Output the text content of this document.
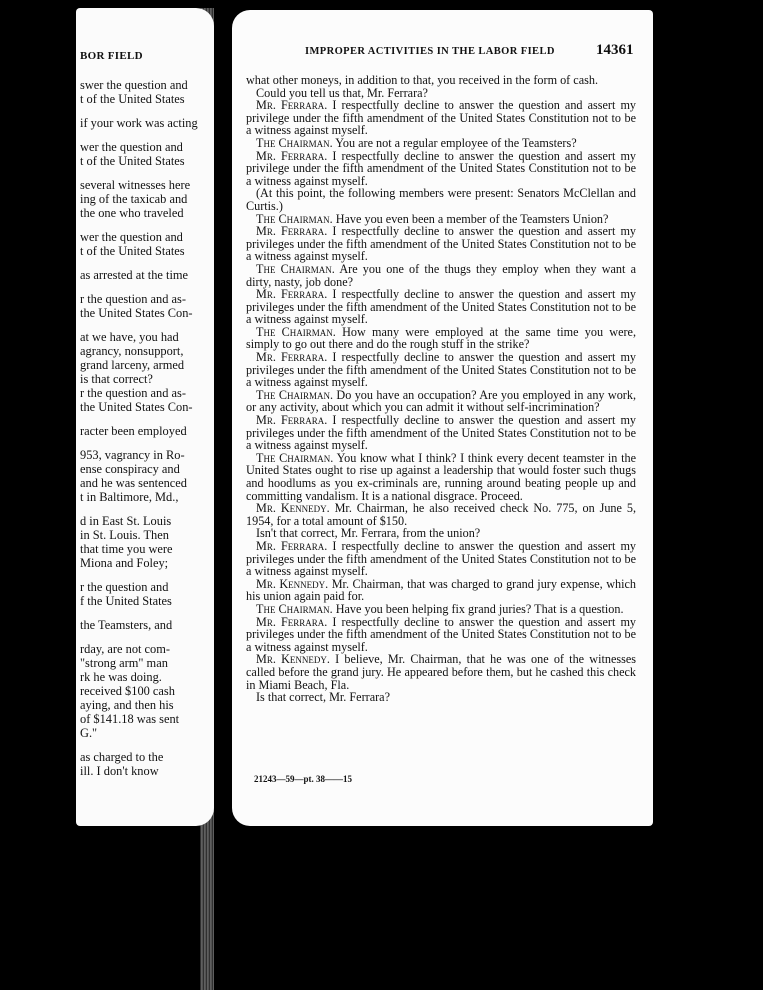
BOR FIELD
swer the question and
t of the United States
if your work was acting
wer the question and
t of the United States
several witnesses here
ing of the taxicab and
the one who traveled
wer the question and
t of the United States
as arrested at the time
r the question and as-
the United States Con-
at we have, you had
agrancy, nonsupport,
grand larceny, armed
is that correct?
r the question and as-
the United States Con-
racter been employed
953, vagrancy in Ro-
ense conspiracy and
and he was sentenced
t in Baltimore, Md.,
d in East St. Louis
in St. Louis. Then
that time you were
Miona and Foley;
r the question and
f the United States
the Teamsters, and
rday, are not com-
"strong arm" man
rk he was doing.
received $100 cash
aying, and then his
of $141.18 was sent
G."
as charged to the
ill. I don't know
IMPROPER ACTIVITIES IN THE LABOR FIELD	14361

what other moneys, in addition to that, you received in the form of cash.

Could you tell us that, Mr. Ferrara?

Mr. Ferrara. I respectfully decline to answer the question and assert my privilege under the fifth amendment of the United States Constitution not to be a witness against myself.

The Chairman. You are not a regular employee of the Teamsters?

Mr. Ferrara. I respectfully decline to answer the question and assert my privilege under the fifth amendment of the United States Constitution not to be a witness against myself.

(At this point, the following members were present: Senators McClellan and Curtis.)

The Chairman. Have you even been a member of the Teamsters Union?

Mr. Ferrara. I respectfully decline to answer the question and assert my privileges under the fifth amendment of the United States Constitution not to be a witness against myself.

The Chairman. Are you one of the thugs they employ when they want a dirty, nasty, job done?

Mr. Ferrara. I respectfully decline to answer the question and assert my privileges under the fifth amendment of the United States Constitution not to be a witness against myself.

The Chairman. How many were employed at the same time you were, simply to go out there and do the rough stuff in the strike?

Mr. Ferrara. I respectfully decline to answer the question and assert my privileges under the fifth amendment of the United States Constitution not to be a witness against myself.

The Chairman. Do you have an occupation? Are you employed in any work, or any activity, about which you can admit it without self-incrimination?

Mr. Ferrara. I respectfully decline to answer the question and assert my privileges under the fifth amendment of the United States Constitution not to be a witness against myself.

The Chairman. You know what I think? I think every decent teamster in the United States ought to rise up against a leadership that would foster such thugs and hoodlums as you ex-criminals are, running around beating people up and committing vandalism. It is a national disgrace. Proceed.

Mr. Kennedy. Mr. Chairman, he also received check No. 775, on June 5, 1954, for a total amount of $150.

Isn't that correct, Mr. Ferrara, from the union?

Mr. Ferrara. I respectfully decline to answer the question and assert my privileges under the fifth amendment of the United States Constitution not to be a witness against myself.

Mr. Kennedy. Mr. Chairman, that was charged to grand jury expense, which his union again paid for.

The Chairman. Have you been helping fix grand juries? That is a question.

Mr. Ferrara. I respectfully decline to answer the question and assert my privileges under the fifth amendment of the United States Constitution not to be a witness against myself.

Mr. Kennedy. I believe, Mr. Chairman, that he was one of the witnesses called before the grand jury. He appeared before them, but he cashed this check in Miami Beach, Fla.

Is that correct, Mr. Ferrara?

21243—59—pt. 38——15
